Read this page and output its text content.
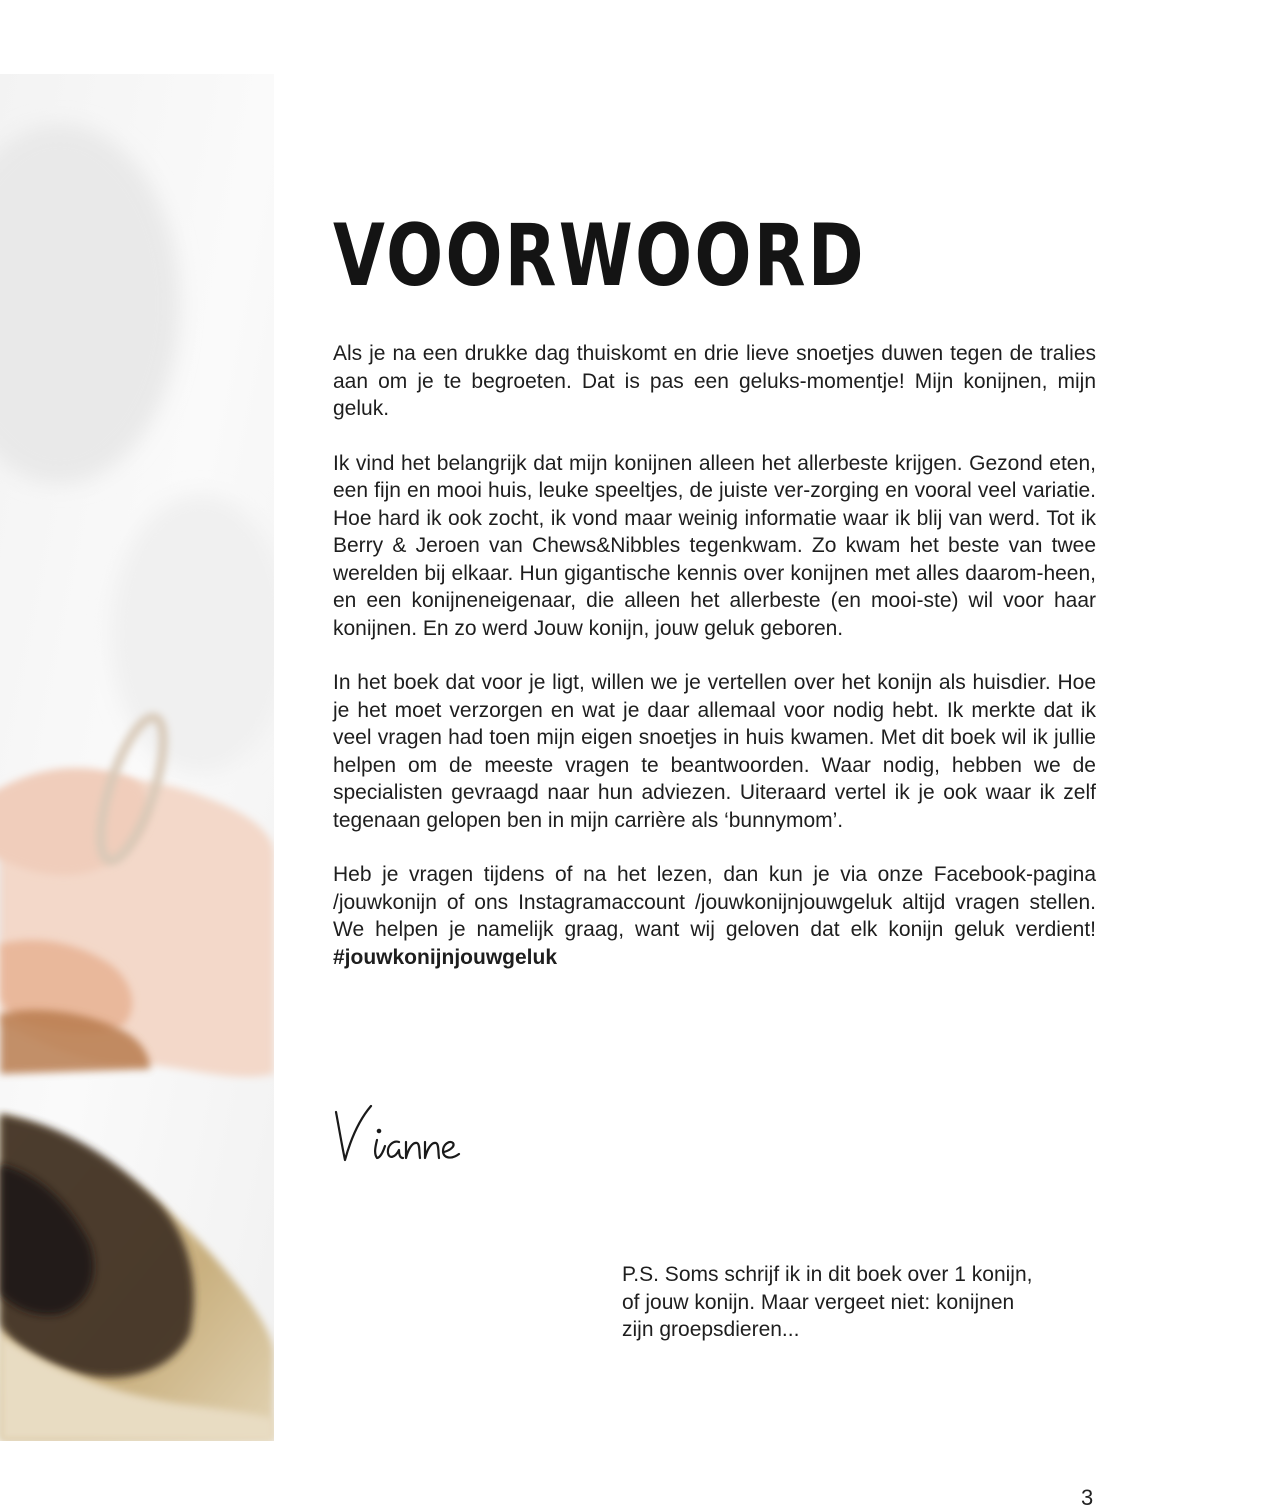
VOORWOORD

Als je na een drukke dag thuiskomt en drie lieve snoetjes duwen tegen de tralies aan om je te begroeten. Dat is pas een geluks-momentje! Mijn konijnen, mijn geluk.

Ik vind het belangrijk dat mijn konijnen alleen het allerbeste krijgen. Gezond eten, een fijn en mooi huis, leuke speeltjes, de juiste ver-zorging en vooral veel variatie. Hoe hard ik ook zocht, ik vond maar weinig informatie waar ik blij van werd. Tot ik Berry & Jeroen van Chews&Nibbles tegenkwam. Zo kwam het beste van twee werelden bij elkaar. Hun gigantische kennis over konijnen met alles daarom-heen, en een konijneneigenaar, die alleen het allerbeste (en mooi-ste) wil voor haar konijnen. En zo werd Jouw konijn, jouw geluk geboren.

In het boek dat voor je ligt, willen we je vertellen over het konijn als huisdier. Hoe je het moet verzorgen en wat je daar allemaal voor nodig hebt. Ik merkte dat ik veel vragen had toen mijn eigen snoetjes in huis kwamen. Met dit boek wil ik jullie helpen om de meeste vragen te beantwoorden. Waar nodig, hebben we de specialisten gevraagd naar hun adviezen. Uiteraard vertel ik je ook waar ik zelf tegenaan gelopen ben in mijn carrière als ‘bunnymom’.

Heb je vragen tijdens of na het lezen, dan kun je via onze Facebook-pagina /jouwkonijn of ons Instagramaccount /jouwkonijnjouwgeluk altijd vragen stellen. We helpen je namelijk graag, want wij geloven dat elk konijn geluk verdient! #jouwkonijnjouwgeluk

P.S. Soms schrijf ik in dit boek over 1 konijn,
of jouw konijn. Maar vergeet niet: konijnen
zijn groepsdieren...
3
